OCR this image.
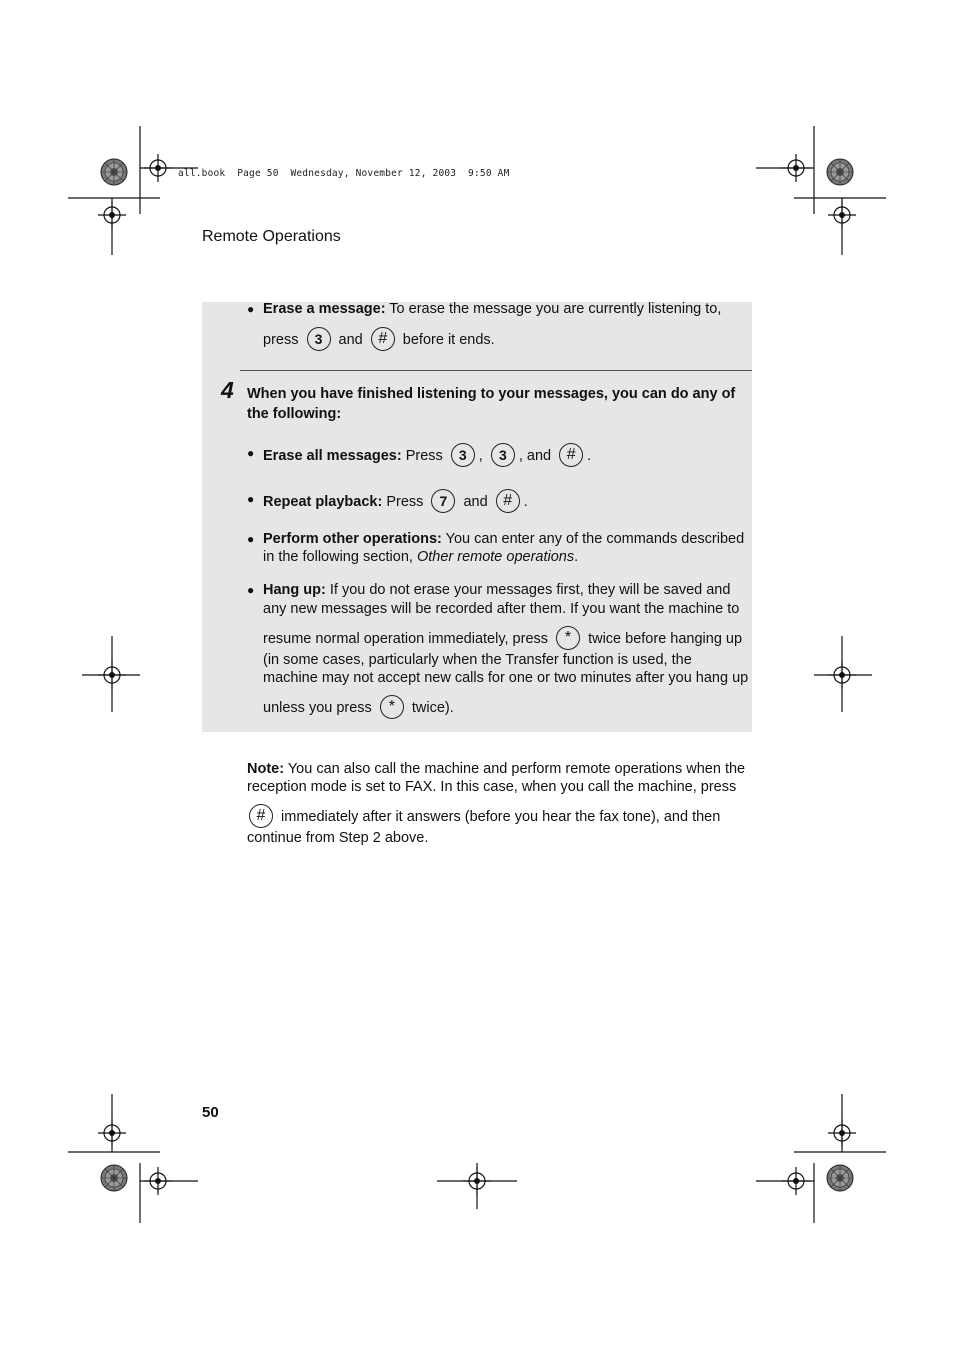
all.book  Page 50  Wednesday, November 12, 2003  9:50 AM
Remote Operations
● Erase a message: To erase the message you are currently listening to,
press 3 and # before it ends.
4 When you have finished listening to your messages, you can do any of
the following:
● Erase all messages: Press 3 , 3 , and # .
● Repeat playback: Press 7 and # .
● Perform other operations: You can enter any of the commands described
in the following section, Other remote operations.
● Hang up: If you do not erase your messages first, they will be saved and
any new messages will be recorded after them. If you want the machine to
resume normal operation immediately, press * twice before hanging up
(in some cases, particularly when the Transfer function is used, the
machine may not accept new calls for one or two minutes after you hang up
unless you press * twice).
Note: You can also call the machine and perform remote operations when the
reception mode is set to FAX. In this case, when you call the machine, press
# immediately after it answers (before you hear the fax tone), and then
continue from Step 2 above.
50
